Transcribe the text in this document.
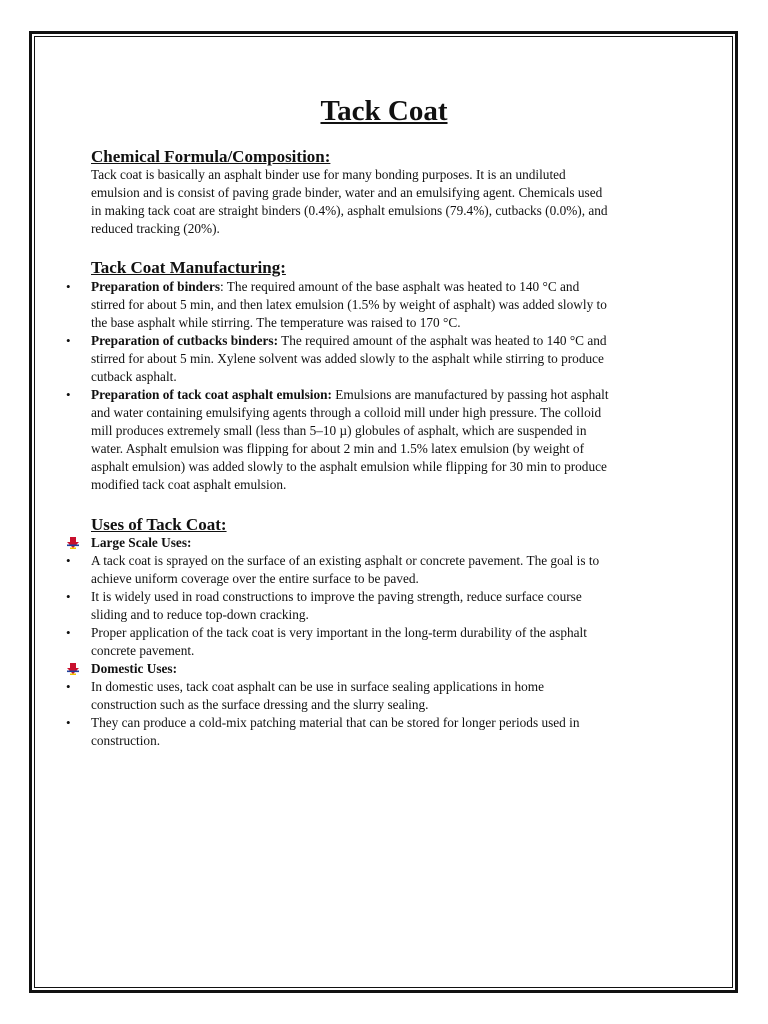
Tack Coat
Chemical Formula/Composition:

Tack coat is basically an asphalt binder use for many bonding purposes. It is an undiluted
emulsion and is consist of paving grade binder, water and an emulsifying agent. Chemicals used
in making tack coat are straight binders (0.4%), asphalt emulsions (79.4%), cutbacks (0.0%), and
reduced tracking (20%).

Tack Coat Manufacturing:
• Preparation of binders: The required amount of the base asphalt was heated to 140 °C and
stirred for about 5 min, and then latex emulsion (1.5% by weight of asphalt) was added slowly to
the base asphalt while stirring. The temperature was raised to 170 °C.
• Preparation of cutbacks binders: The required amount of the asphalt was heated to 140 °C and
stirred for about 5 min. Xylene solvent was added slowly to the asphalt while stirring to produce
cutback asphalt.
• Preparation of tack coat asphalt emulsion: Emulsions are manufactured by passing hot asphalt
and water containing emulsifying agents through a colloid mill under high pressure. The colloid
mill produces extremely small (less than 5–10 µ) globules of asphalt, which are suspended in
water. Asphalt emulsion was flipping for about 2 min and 1.5% latex emulsion (by weight of
asphalt emulsion) was added slowly to the asphalt emulsion while flipping for 30 min to produce
modified tack coat asphalt emulsion.
Uses of Tack Coat:
Large Scale Uses:
• A tack coat is sprayed on the surface of an existing asphalt or concrete pavement. The goal is to
achieve uniform coverage over the entire surface to be paved.
• It is widely used in road constructions to improve the paving strength, reduce surface course
sliding and to reduce top-down cracking.
• Proper application of the tack coat is very important in the long-term durability of the asphalt
concrete pavement.
Domestic Uses:
• In domestic uses, tack coat asphalt can be use in surface sealing applications in home
construction such as the surface dressing and the slurry sealing.
• They can produce a cold-mix patching material that can be stored for longer periods used in
construction.
